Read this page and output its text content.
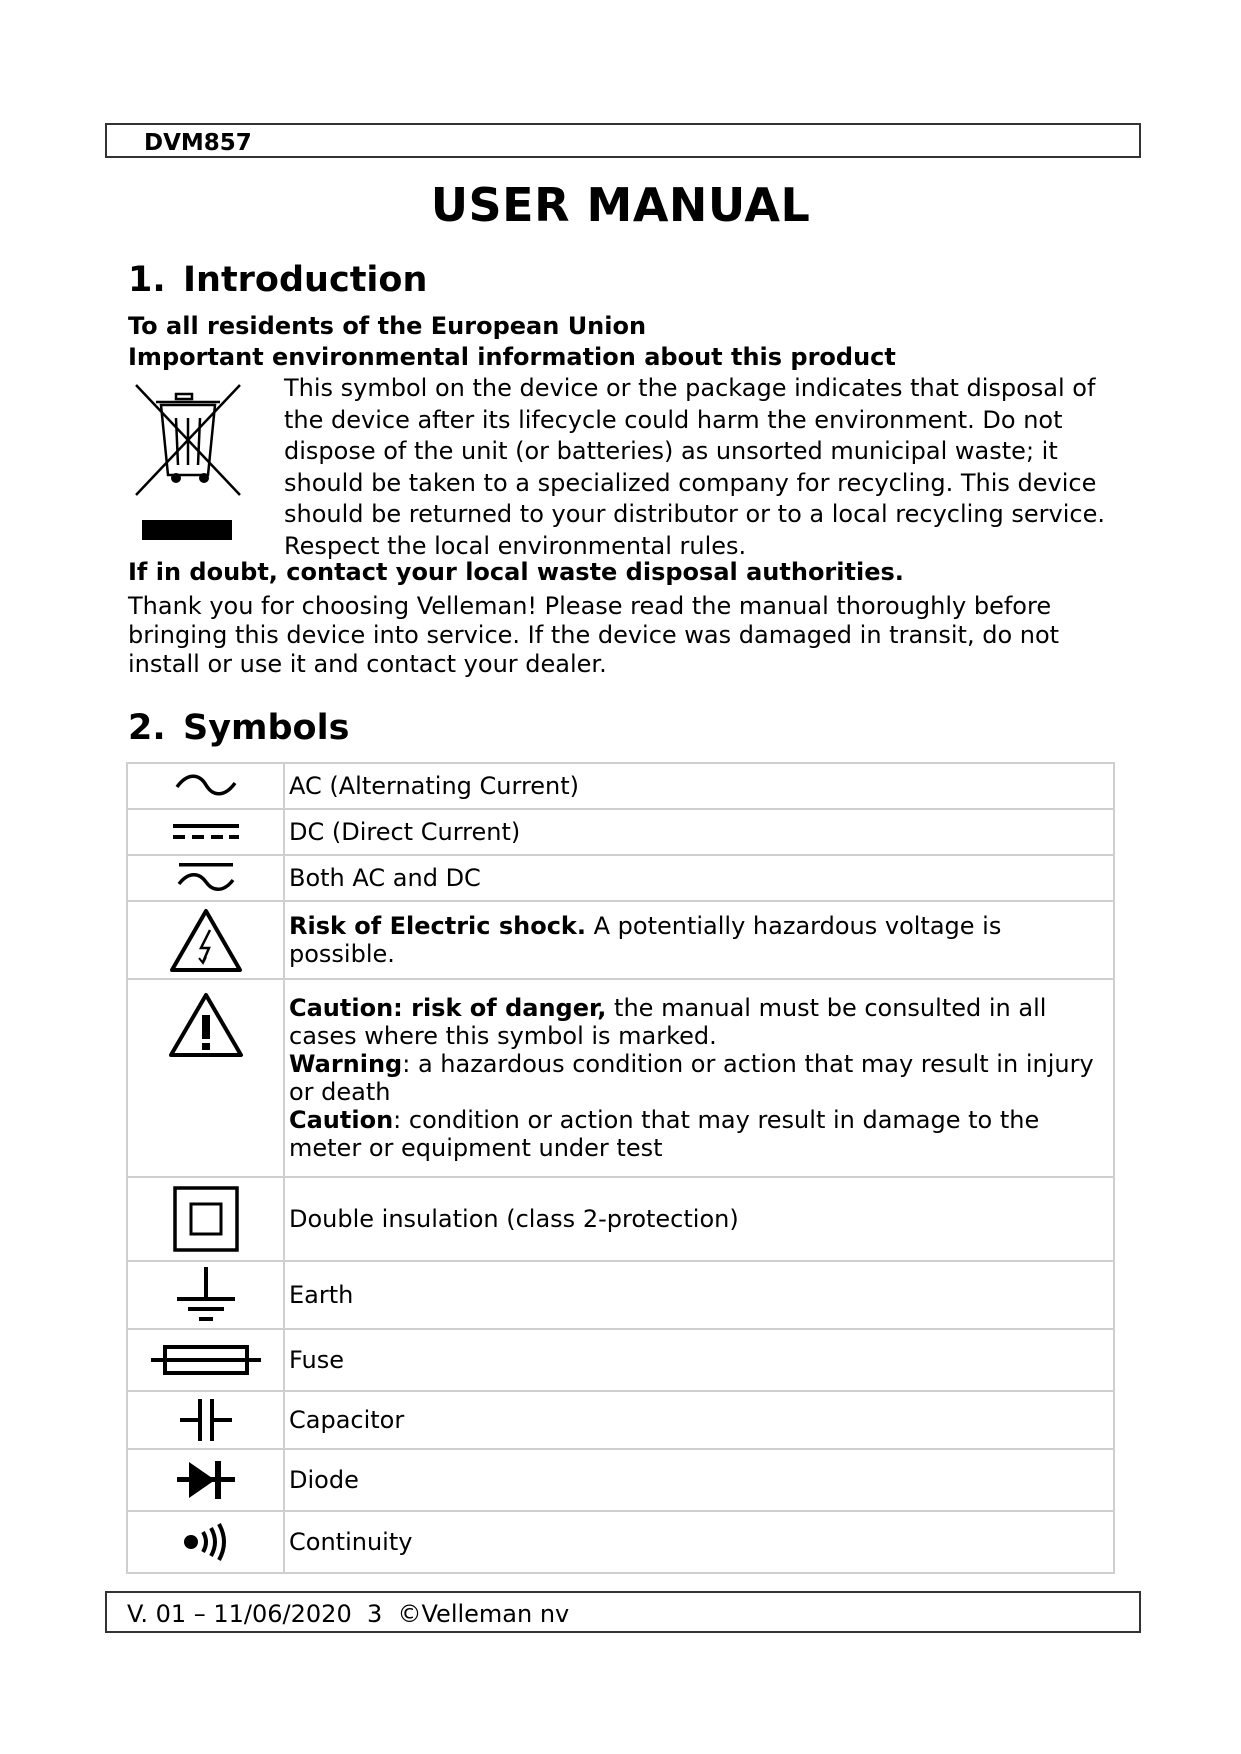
DVM857
USER MANUAL
1. Introduction
To all residents of the European Union
Important environmental information about this product
This symbol on the device or the package indicates that disposal of the device after its lifecycle could harm the environment. Do not dispose of the unit (or batteries) as unsorted municipal waste; it should be taken to a specialized company for recycling. This device should be returned to your distributor or to a local recycling service. Respect the local environmental rules.
If in doubt, contact your local waste disposal authorities.
Thank you for choosing Velleman! Please read the manual thoroughly before bringing this device into service. If the device was damaged in transit, do not install or use it and contact your dealer.
2. Symbols
	AC (Alternating Current)

	DC (Direct Current)

	Both AC and DC

	Risk of Electric shock. A potentially hazardous voltage is possible.

	Caution: risk of danger, the manual must be consulted in all cases where this symbol is marked.
Warning: a hazardous condition or action that may result in injury or death
Caution: condition or action that may result in damage to the meter or equipment under test

	Double insulation (class 2-protection)

	Earth

	Fuse

	Capacitor

	Diode

	Continuity
V. 01 – 11/06/2020  3  ©Velleman nv
